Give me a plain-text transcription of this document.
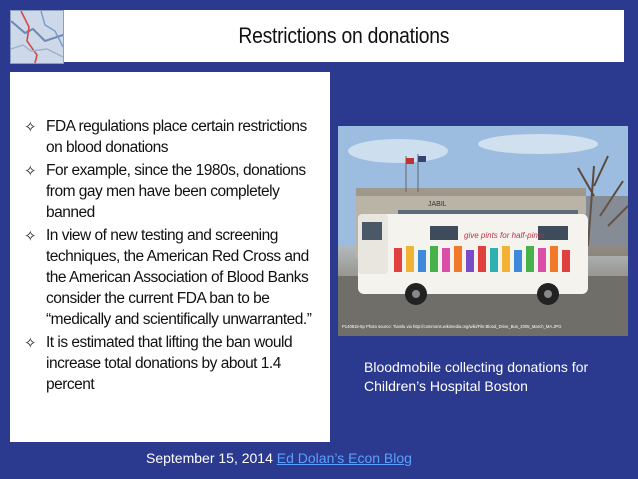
Restrictions on donations
✧ FDA regulations place certain restrictions on blood donations
✧ For example, since the 1980s, donations from gay men have been completely banned
✧ In view of new testing and screening techniques, the American Red Cross and the American Association of Blood Banks consider the current FDA ban to be “medically and scientifically unwarranted.”
✧ It is estimated that lifting the ban would increase total donations by about 1.4 percent
JABIL
give pints for half-pints
P140815-5p Photo source: Tiamlu via http://commons.wikimedia.org/wiki/File:Blood_Drive_Bus_2005_March_MA.JPG
Bloodmobile collecting donations for Children’s Hospital Boston
September 15, 2014 Ed Dolan’s Econ Blog
